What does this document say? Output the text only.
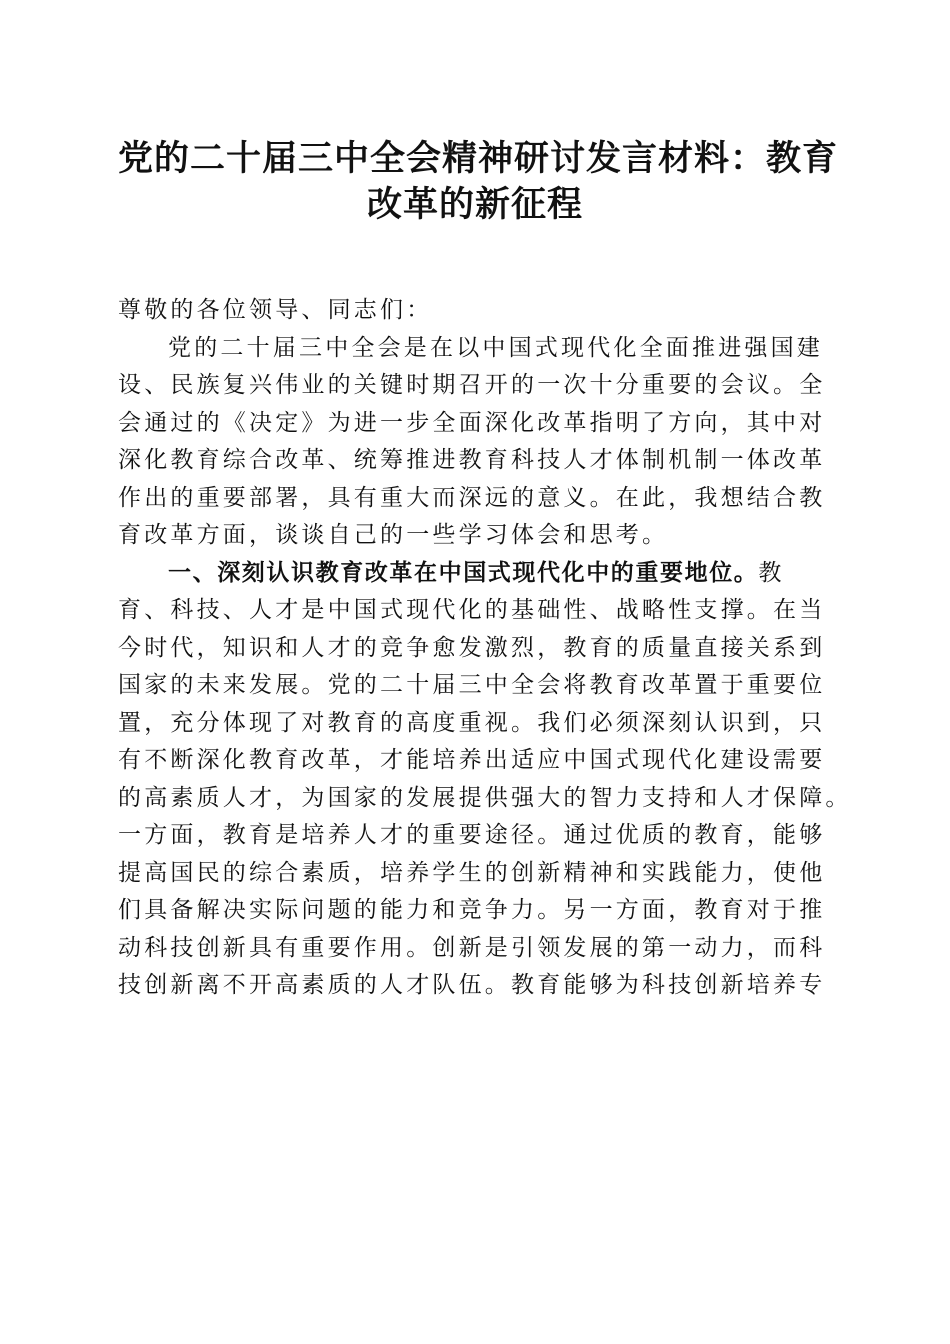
党的二十届三中全会精神研讨发言材料：教育
改革的新征程
尊敬的各位领导、同志们：
党的二十届三中全会是在以中国式现代化全面推进强国建
设、民族复兴伟业的关键时期召开的一次十分重要的会议。全
会通过的《决定》为进一步全面深化改革指明了方向，其中对
深化教育综合改革、统筹推进教育科技人才体制机制一体改革
作出的重要部署，具有重大而深远的意义。在此，我想结合教
育改革方面，谈谈自己的一些学习体会和思考。
一、深刻认识教育改革在中国式现代化中的重要地位。教
育、科技、人才是中国式现代化的基础性、战略性支撑。在当
今时代，知识和人才的竞争愈发激烈，教育的质量直接关系到
国家的未来发展。党的二十届三中全会将教育改革置于重要位
置，充分体现了对教育的高度重视。我们必须深刻认识到，只
有不断深化教育改革，才能培养出适应中国式现代化建设需要
的高素质人才，为国家的发展提供强大的智力支持和人才保障。
一方面，教育是培养人才的重要途径。通过优质的教育，能够
提高国民的综合素质，培养学生的创新精神和实践能力，使他
们具备解决实际问题的能力和竞争力。另一方面，教育对于推
动科技创新具有重要作用。创新是引领发展的第一动力，而科
技创新离不开高素质的人才队伍。教育能够为科技创新培养专
